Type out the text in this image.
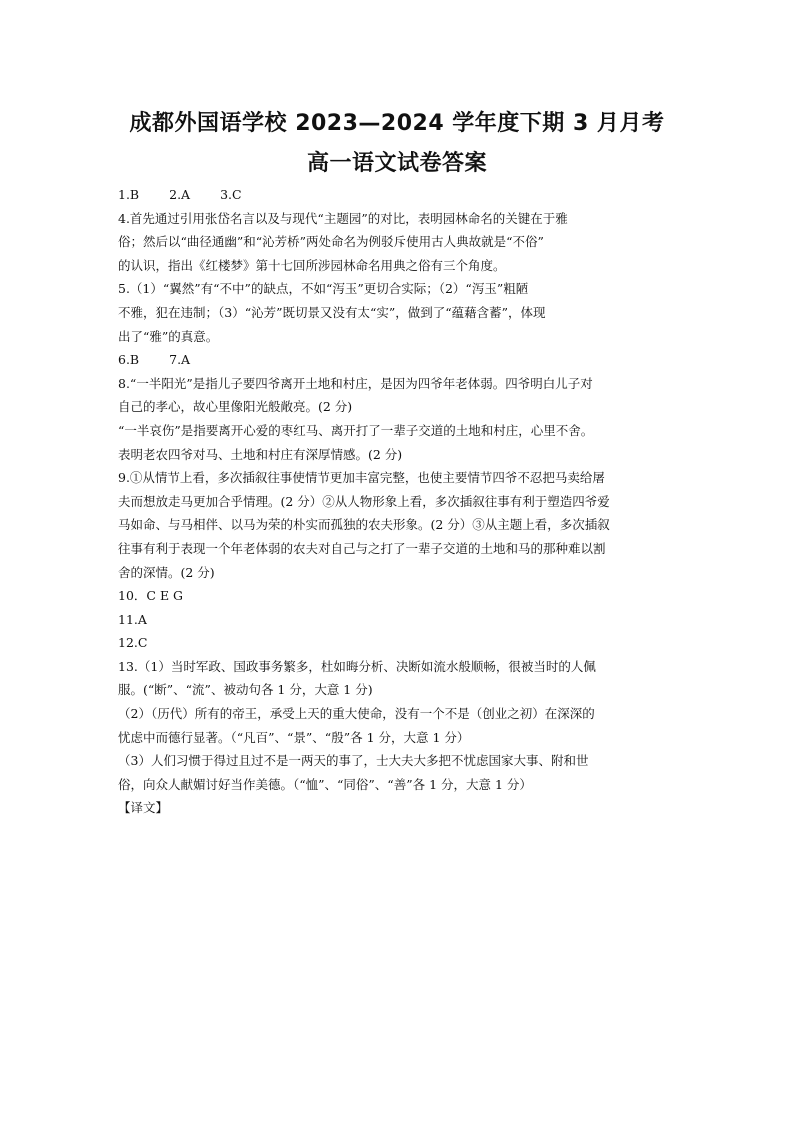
成都外国语学校 2023—2024 学年度下期 3 月月考
高一语文试卷答案

1.B 2.A 3.C

4.首先通过引用张岱名言以及与现代“主题园”的对比，表明园林命名的关键在于雅

俗；然后以“曲径通幽”和“沁芳桥”两处命名为例驳斥使用古人典故就是“不俗”

的认识，指出《红楼梦》第十七回所涉园林命名用典之俗有三个角度。

5.（1）“翼然”有“不中”的缺点，不如“泻玉”更切合实际；（2）“泻玉”粗陋

不雅，犯在违制；（3）“沁芳”既切景又没有太“实”，做到了“蕴藉含蓄”，体现

出了“雅”的真意。

6.B 7.A

8.“一半阳光”是指儿子要四爷离开土地和村庄，是因为四爷年老体弱。四爷明白儿子对

自己的孝心，故心里像阳光般敞亮。(2 分)

“一半哀伤”是指要离开心爱的枣红马、离开打了一辈子交道的土地和村庄，心里不舍。

表明老农四爷对马、土地和村庄有深厚情感。(2 分)

9.①从情节上看，多次插叙往事使情节更加丰富完整，也使主要情节四爷不忍把马卖给屠

夫而想放走马更加合乎情理。(2 分）②从人物形象上看，多次插叙往事有利于塑造四爷爱

马如命、与马相伴、以马为荣的朴实而孤独的农夫形象。(2 分）③从主题上看，多次插叙

往事有利于表现一个年老体弱的农夫对自己与之打了一辈子交道的土地和马的那种难以割

舍的深情。(2 分)

10．C E G

11.A

12.C

13.（1）当时军政、国政事务繁多，杜如晦分析、决断如流水般顺畅，很被当时的人佩

服。(“断”、“流”、被动句各 1 分，大意 1 分)

（2）（历代）所有的帝王，承受上天的重大使命，没有一个不是（创业之初）在深深的

忧虑中而德行显著。（“凡百”、“景”、“殷”各 1 分，大意 1 分）

（3）人们习惯于得过且过不是一两天的事了，士大夫大多把不忧虑国家大事、附和世

俗，向众人献媚讨好当作美德。（“恤”、“同俗”、“善”各 1 分，大意 1 分）

【译文】
